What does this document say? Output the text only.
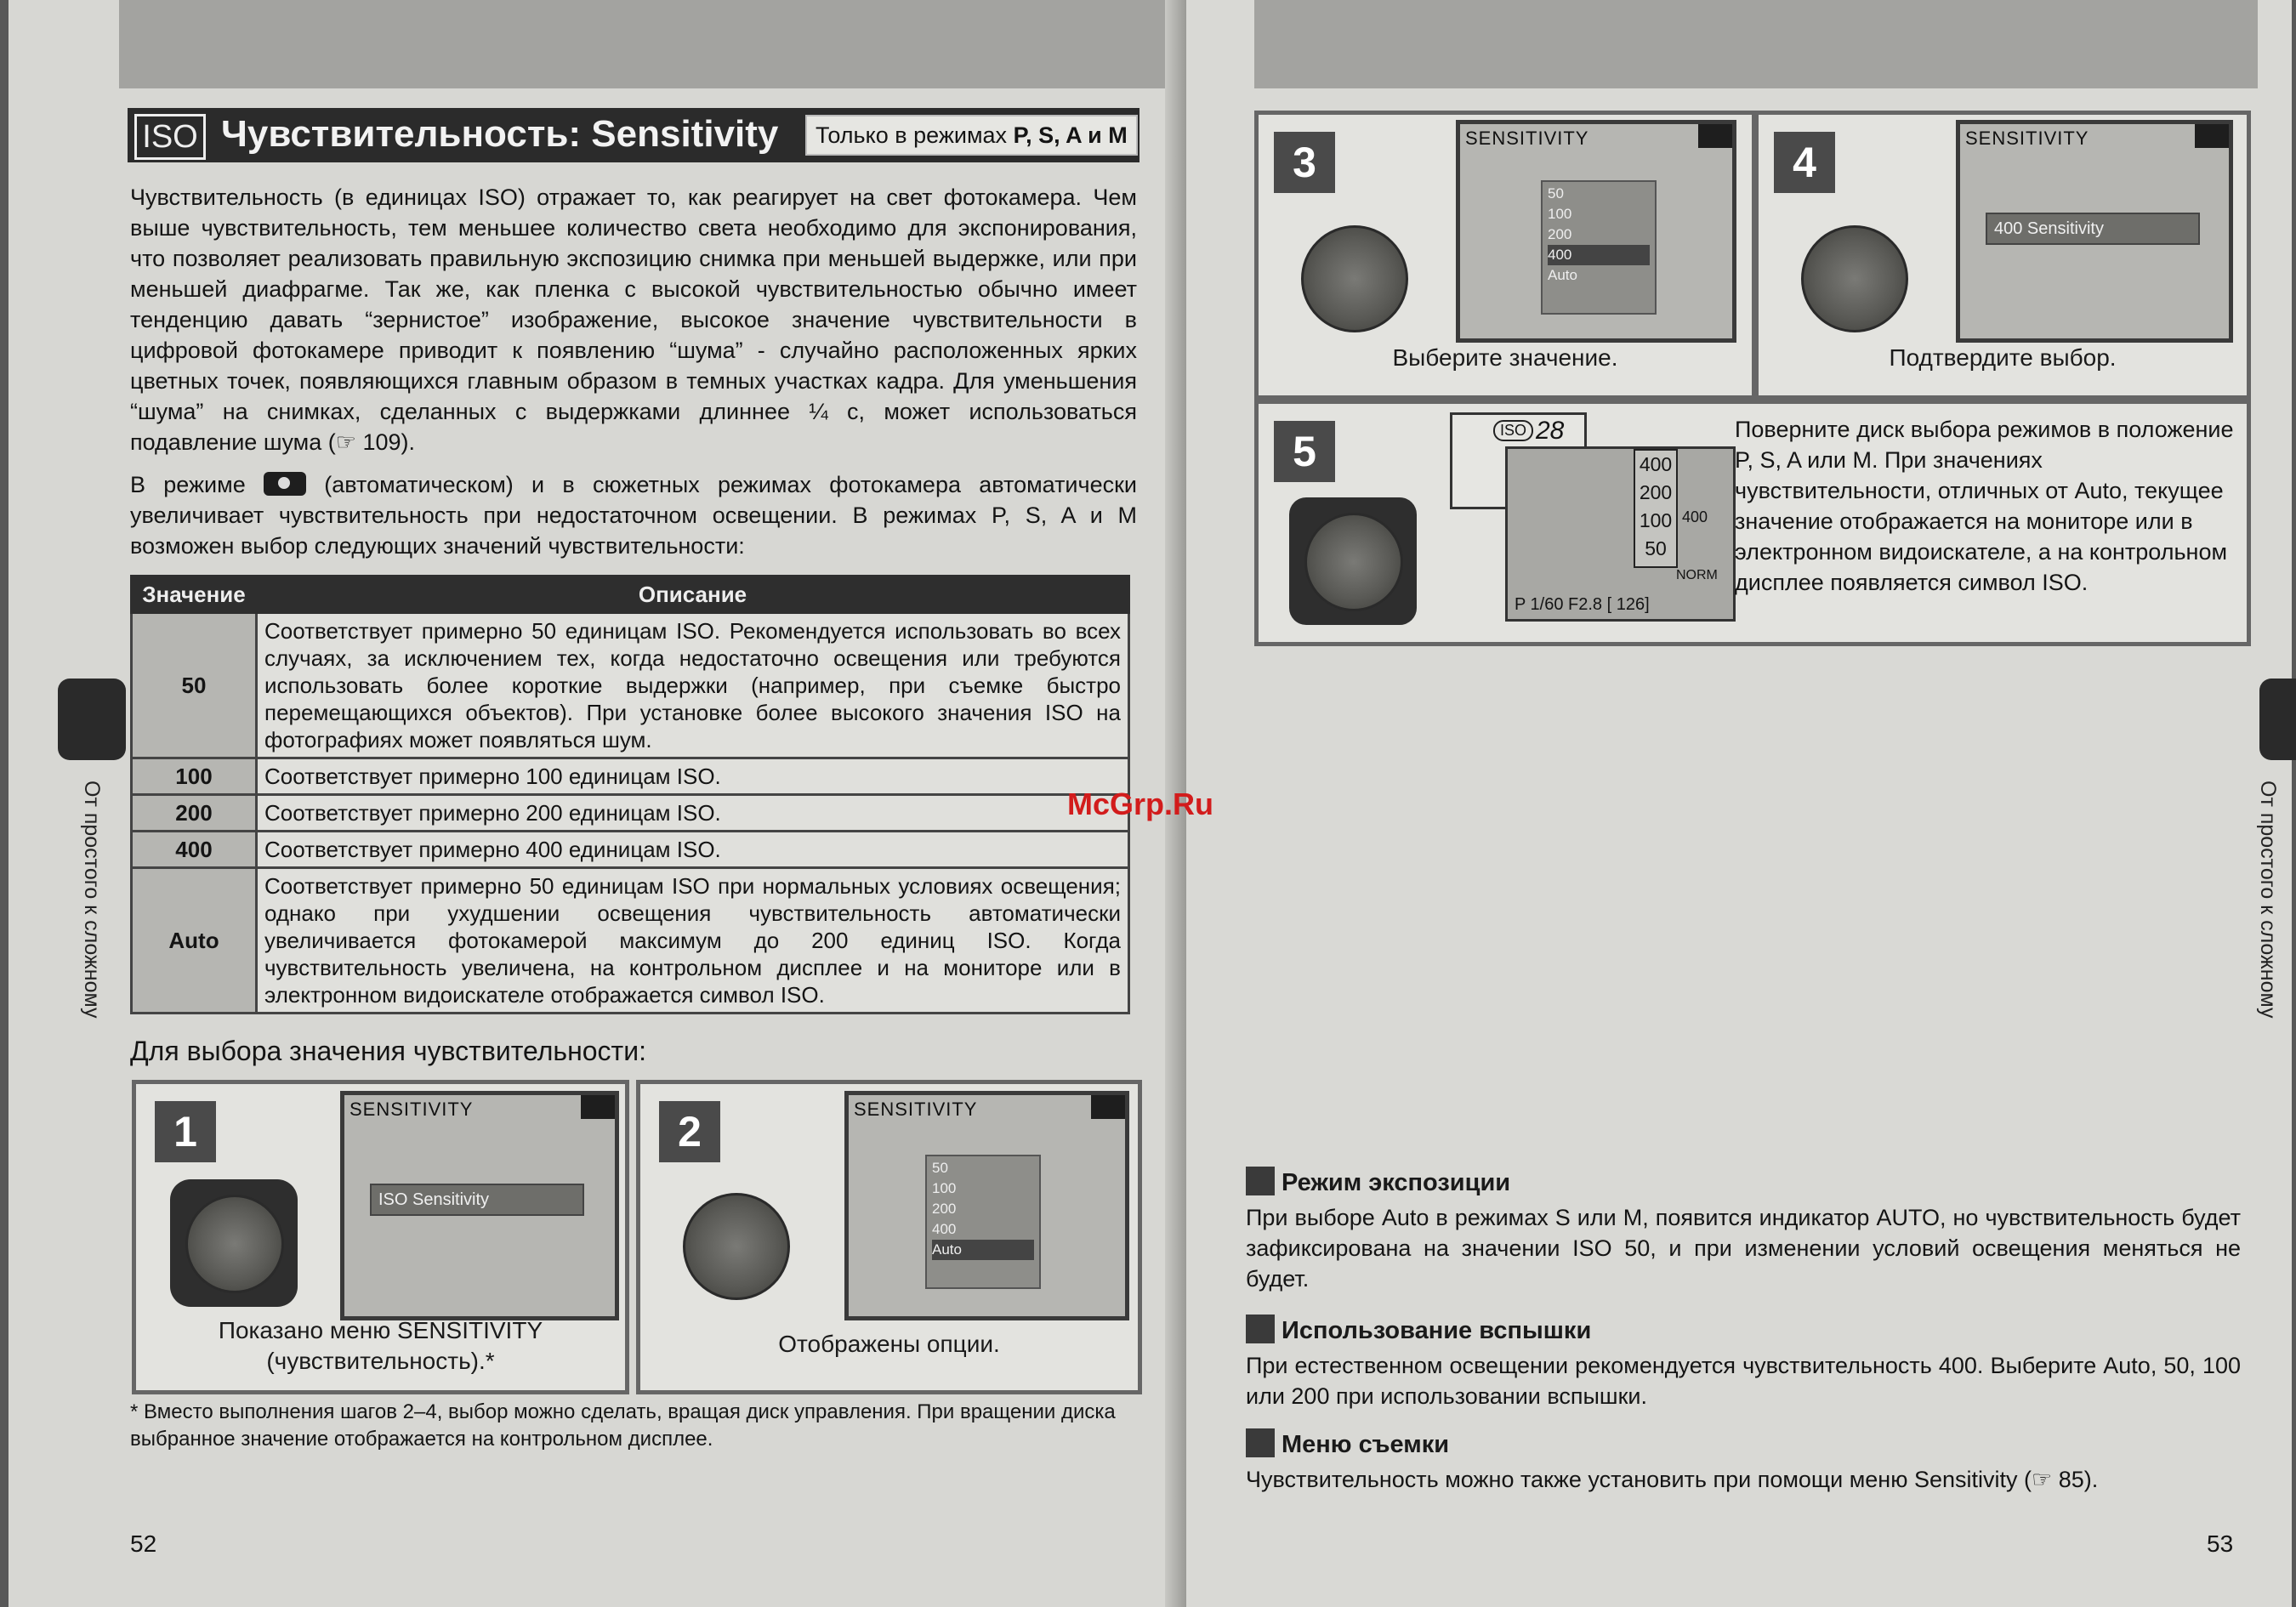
ISO Чувствительность: Sensitivity	Только в режимах P, S, A и M

Чувствительность (в единицах ISO) отражает то, как реагирует на свет фотокамера. Чем выше чувствительность, тем меньшее количество света необходимо для экспонирования, что позволяет реализовать правильную экспозицию снимка при меньшей выдержке, или при меньшей диафрагме. Так же, как пленка с высокой чувствительностью обычно имеет тенденцию давать “зернистое” изображение, высокое значение чувствительности в цифровой фотокамере приводит к появлению “шума” - случайно расположенных ярких цветных точек, появляющихся главным образом в темных участках кадра. Для уменьшения “шума” на снимках, сделанных с выдержками длиннее ¼ с, может использоваться подавление шума (☞ 109).

В режиме	(автоматическом) и в сюжетных режимах фотокамера автоматически увеличивает чувствительность при недостаточном освещении. В режимах P, S, A и M возможен выбор следующих значений чувствительности:

Значение	Описание
50	Соответствует примерно 50 единицам ISO. Рекомендуется использовать во всех случаях, за исключением тех, когда недостаточно освещения или требуются использовать более короткие выдержки (например, при съемке быстро перемещающихся объектов). При установке более высокого значения ISO на фотографиях может появляться шум.
100	Соответствует примерно 100 единицам ISO.
200	Соответствует примерно 200 единицам ISO.
400	Соответствует примерно 400 единицам ISO.
Auto	Соответствует примерно 50 единицам ISO при нормальных условиях освещения; однако при ухудшении освещения чувствительность автоматически увеличивается фотокамерой максимум до 200 единиц ISO. Когда чувствительность увеличена, на контрольном дисплее и на мониторе или в электронном видоискателе отображается символ ISO.
Для выбора значения чувствительности:
1	SENSITIVITY
ISO Sensitivity
Показано меню SENSITIVITY
(чувствительность).*
2	SENSITIVITY
50
100
200
400
Auto
Отображены опции.

* Вместо выполнения шагов 2–4, выбор можно сделать, вращая диск управления. При вращении диска выбранное значение отображается на контрольном дисплее.

52
От простого к сложному
3
SENSITIVITY
50
100
200
400
Auto
Выберите значение.
4
SENSITIVITY
400 Sensitivity
Подтвердите выбор.
5	ISO 28
400
200
100
50
400
NORM
P 1/60 F2.8 [ 126]

Поверните диск выбора режимов в положение P, S, A или M. При значениях чувствительности, отличных от Auto, текущее значение отображается на мониторе или в электронном видоискателе, а на контрольном дисплее появляется символ ISO.

Режим экспозиции

При выборе Auto в режимах S или M, появится индикатор AUTO, но чувствительность будет зафиксирована на значении ISO 50, и при изменении условий освещения меняться не будет.

Использование вспышки

При естественном освещении рекомендуется чувствительность 400. Выберите Auto, 50, 100 или 200 при использовании вспышки.

Меню съемки

Чувствительность можно также установить при помощи меню Sensitivity (☞ 85).

53
От простого к сложному
McGrp.Ru
